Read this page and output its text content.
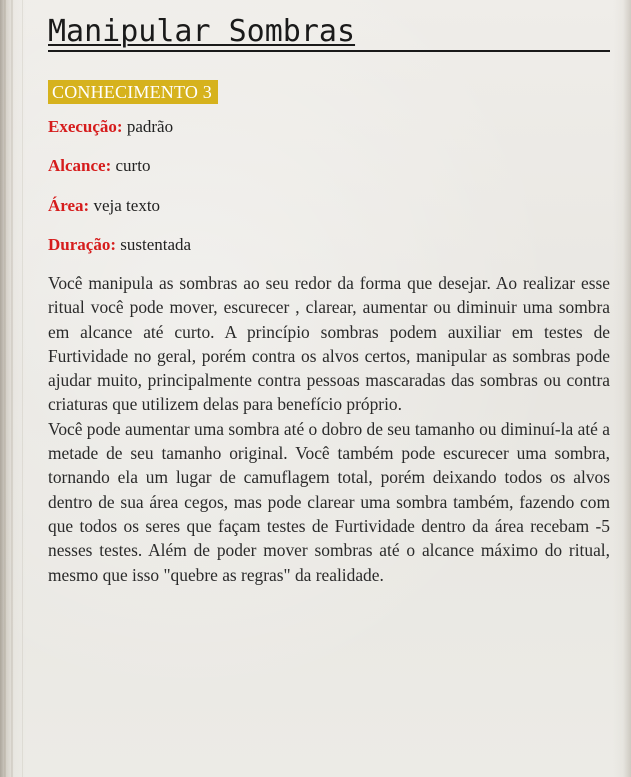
Manipular Sombras
CONHECIMENTO 3
Execução: padrão
Alcance: curto
Área: veja texto
Duração: sustentada

Você manipula as sombras ao seu redor da forma que desejar. Ao realizar esse ritual você pode mover, escurecer , clarear, aumentar ou diminuir uma sombra em alcance até curto. A princípio sombras podem auxiliar em testes de Furtividade no geral, porém contra os alvos certos, manipular as sombras pode ajudar muito, principalmente contra pessoas mascaradas das sombras ou contra criaturas que utilizem delas para benefício próprio.

Você pode aumentar uma sombra até o dobro de seu tamanho ou diminuí-la até a metade de seu tamanho original. Você também pode escurecer uma sombra, tornando ela um lugar de camuflagem total, porém deixando todos os alvos dentro de sua área cegos, mas pode clarear uma sombra também, fazendo com que todos os seres que façam testes de Furtividade dentro da área recebam -5 nesses testes. Além de poder mover sombras até o alcance máximo do ritual, mesmo que isso "quebre as regras" da realidade.
